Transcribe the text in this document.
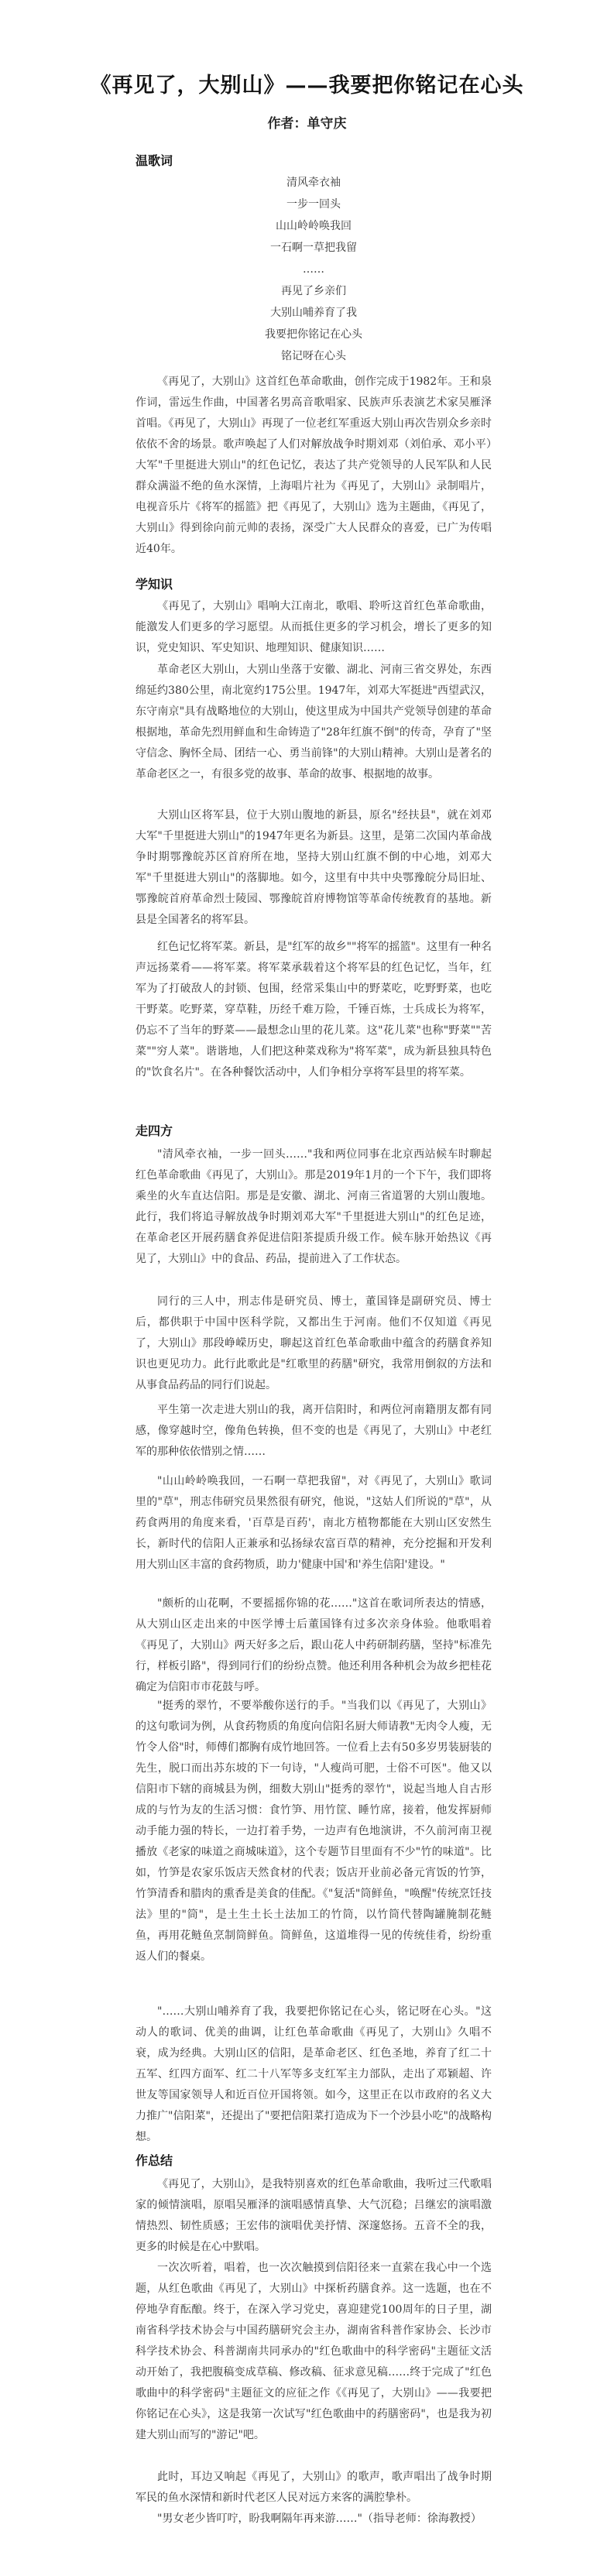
《再见了，大别山》——我要把你铭记在心头
作者：单守庆
温歌词
清风牵衣袖
一步一回头
山山岭岭唤我回
一石啊一草把我留
……
再见了乡亲们
大别山哺养育了我
我要把你铭记在心头
铭记呀在心头

《再见了，大别山》这首红色革命歌曲，创作完成于1982年。王和泉作词，雷远生作曲，中国著名男高音歌唱家、民族声乐表演艺术家吴雁泽首唱。《再见了，大别山》再现了一位老红军重返大别山再次告别众乡亲时依依不舍的场景。歌声唤起了人们对解放战争时期刘邓（刘伯承、邓小平）大军"千里挺进大别山"的红色记忆，表达了共产党领导的人民军队和人民群众满溢不绝的鱼水深情，上海唱片社为《再见了，大别山》录制唱片，电视音乐片《将军的摇篮》把《再见了，大别山》选为主题曲，《再见了，大别山》得到徐向前元帅的表扬，深受广大人民群众的喜爱，已广为传唱近40年。

学知识

《再见了，大别山》唱响大江南北，歌唱、聆听这首红色革命歌曲，能激发人们更多的学习愿望。从而抵住更多的学习机会，增长了更多的知识，党史知识、军史知识、地理知识、健康知识……

革命老区大别山，大别山坐落于安徽、湖北、河南三省交界处，东西绵延约380公里，南北宽约175公里。1947年，刘邓大军挺进"西望武汉，东守南京"具有战略地位的大别山，使这里成为中国共产党领导创建的革命根据地，革命先烈用鲜血和生命铸造了"28年红旗不倒"的传奇，孕育了"坚守信念、胸怀全局、团结一心、勇当前锋"的大别山精神。大别山是著名的革命老区之一，有很多党的故事、革命的故事、根据地的故事。

大别山区将军县，位于大别山腹地的新县，原名"经扶县"，就在刘邓大军"千里挺进大别山"的1947年更名为新县。这里，是第二次国内革命战争时期鄂豫皖苏区首府所在地，坚持大别山红旗不倒的中心地，刘邓大军"千里挺进大别山"的落脚地。如今，这里有中共中央鄂豫皖分局旧址、鄂豫皖首府革命烈士陵园、鄂豫皖首府博物馆等革命传统教育的基地。新县是全国著名的将军县。

红色记忆将军菜。新县，是"红军的故乡""将军的摇篮"。这里有一种名声远扬菜肴——将军菜。将军菜承载着这个将军县的红色记忆，当年，红军为了打破敌人的封锁、包围，经常采集山中的野菜吃，吃野野菜，也吃干野菜。吃野菜，穿草鞋，历经千难万险，千锤百炼，士兵成长为将军，仍忘不了当年的野菜——最想念山里的花儿菜。这"花儿菜"也称"野菜""苦菜""穷人菜"。谐谐地，人们把这种菜戏称为"将军菜"，成为新县独具特色的"饮食名片"。在各种餐饮活动中，人们争相分享将军县里的将军菜。

走四方

"清风牵衣袖，一步一回头……"我和两位同事在北京西站候车时聊起红色革命歌曲《再见了，大别山》。那是2019年1月的一个下午，我们即将乘坐的火车直达信阳。那是是安徽、湖北、河南三省道署的大别山腹地。此行，我们将追寻解放战争时期刘邓大军"千里挺进大别山"的红色足迹，在革命老区开展药膳食养促进信阳茶提质升级工作。候车脉开始热议《再见了，大别山》中的食品、药品，提前进入了工作状态。

同行的三人中，刑志伟是研究员、博士，董国锋是副研究员、博士后，都供职于中国中医科学院，又都出生于河南。他们不仅知道《再见了，大别山》那段峥嵘历史，聊起这首红色革命歌曲中蕴含的药膳食养知识也更见功力。此行此歌此是"红歌里的药膳"研究，我常用倒叙的方法和从事食品药品的同行们说起。

平生第一次走进大别山的我，离开信阳时，和两位河南籍朋友都有同感，像穿越时空，像角色转换，但不变的也是《再见了，大别山》中老红军的那种依依惜别之情……

"山山岭岭唤我回，一石啊一草把我留"，对《再见了，大别山》歌词里的"草"，刑志伟研究员果然很有研究，他说，"这姑人们所说的"草"，从药食两用的角度来看，'百草是百药'，南北方植物都能在大别山区安然生长，新时代的信阳人正兼承和弘扬绿农富百草的精神，充分挖掘和开发利用大别山区丰富的食药物质，助力'健康中国'和'养生信阳'建设。"

"颇析的山花啊，不要摇摇你锦的花……"这首在歌词所表达的情感，从大别山区走出来的中医学博士后董国锋有过多次亲身体验。他歌唱着《再见了，大别山》两天好多之后，跟山花人中药研制药膳，坚持"标准先行，样板引路"，得到同行们的纷纷点赞。他还利用各种机会为故乡把桂花确定为信阳市市花鼓与呼。

"挺秀的翠竹，不要举酸你送行的手。"当我们以《再见了，大别山》的这句歌词为例，从食药物质的角度向信阳名厨大师请教"无肉令人瘦，无竹令人俗"时，师傅们都胸有成竹地回答。一位看上去有50多岁男装厨装的先生，脱口而出苏东坡的下一句诗，"人瘦尚可肥，士俗不可医"。他又以信阳市下辖的商城县为例，细数大别山"挺秀的翠竹"，说起当地人自古形成的与竹为友的生活习惯：食竹笋、用竹筐、睡竹席，接着，他发挥厨师动手能力强的特长，一边打着手势，一边声有色地演讲，不久前河南卫视播放《老家的味道之商城味道》，这个专题节目里面有不少"竹的味道"。比如，竹笋是农家乐饭店天然食材的代表；饭店开业前必备元宵饭的竹笋，竹笋清香和腊肉的熏香是美食的佳配。《"复活"筒鲜鱼，"唤醒"传统烹饪技法》里的"筒"，是土生土长土法加工的竹筒，以竹筒代替陶罐腌制花鲢鱼，再用花鲢鱼烹制筒鲜鱼。筒鲜鱼，这道堆得一见的传统佳肴，纷纷重返人们的餐桌。

"……大别山哺养育了我，我要把你铭记在心头，铭记呀在心头。"这动人的歌词、优美的曲调，让红色革命歌曲《再见了，大别山》久唱不衰，成为经典。大别山区的信阳，是革命老区、红色圣地，养育了红二十五军、红四方面军、红二十八军等多支红军主力部队，走出了邓颖超、许世友等国家领导人和近百位开国将领。如今，这里正在以市政府的名义大力推广"信阳菜"，还提出了"要把信阳菜打造成为下一个沙县小吃"的战略构想。

作总结

《再见了，大别山》，是我特别喜欢的红色革命歌曲，我听过三代歌唱家的倾情演唱，原唱吴雁泽的演唱感情真挚、大气沉稳；吕继宏的演唱激情热烈、韧性质感；王宏伟的演唱优美抒情、深邃悠扬。五音不全的我，更多的时候是在心中默唱。

一次次听着，唱着，也一次次触摸到信阳径来一直萦在我心中一个选题，从红色歌曲《再见了，大别山》中探析药膳食养。这一选题，也在不停地孕育酝酿。终于，在深入学习党史，喜迎建党100周年的日子里，湖南省科学技术协会与中国药膳研究会主办，湖南省科普作家协会、长沙市科学技术协会、科普湖南共同承办的"红色歌曲中的科学密码"主题征文活动开始了，我把腹稿变成草稿、修改稿、征求意见稿……终于完成了"红色歌曲中的科学密码"主题征文的应征之作《《再见了，大别山》——我要把你铭记在心头》，这是我第一次试写"红色歌曲中的药膳密码"，也是我为初建大别山而写的"游记"吧。

此时，耳边又响起《再见了，大别山》的歌声，歌声唱出了战争时期军民的鱼水深情和新时代老区人民对远方来客的满腔挚朴。

"男女老少皆叮咛，盼我啊隔年再来游……"（指导老师：徐海教授）
